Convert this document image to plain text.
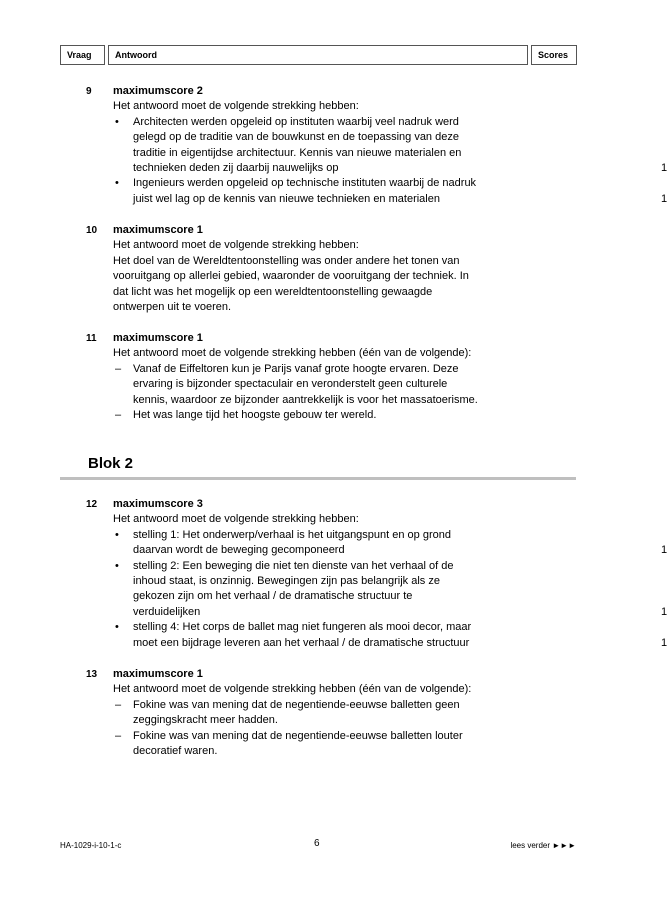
Vraag	Antwoord	Scores
9 maximumscore 2
Het antwoord moet de volgende strekking hebben:
• Architecten werden opgeleid op instituten waarbij veel nadruk werd
gelegd op de traditie van de bouwkunst en de toepassing van deze
traditie in eigentijdse architectuur. Kennis van nieuwe materialen en
technieken deden zij daarbij nauwelijks op	1
• Ingenieurs werden opgeleid op technische instituten waarbij de nadruk
juist wel lag op de kennis van nieuwe technieken en materialen	1
10 maximumscore 1
Het antwoord moet de volgende strekking hebben:
Het doel van de Wereldtentoonstelling was onder andere het tonen van
vooruitgang op allerlei gebied, waaronder de vooruitgang der techniek. In
dat licht was het mogelijk op een wereldtentoonstelling gewaagde
ontwerpen uit te voeren.
11 maximumscore 1
Het antwoord moet de volgende strekking hebben (één van de volgende):
– Vanaf de Eiffeltoren kun je Parijs vanaf grote hoogte ervaren. Deze
ervaring is bijzonder spectaculair en veronderstelt geen culturele
kennis, waardoor ze bijzonder aantrekkelijk is voor het massatoerisme.
– Het was lange tijd het hoogste gebouw ter wereld.
Blok 2
12 maximumscore 3
Het antwoord moet de volgende strekking hebben:
• stelling 1: Het onderwerp/verhaal is het uitgangspunt en op grond
daarvan wordt de beweging gecomponeerd	1
• stelling 2: Een beweging die niet ten dienste van het verhaal of de
inhoud staat, is onzinnig. Bewegingen zijn pas belangrijk als ze
gekozen zijn om het verhaal / de dramatische structuur te
verduidelijken	1
• stelling 4: Het corps de ballet mag niet fungeren als mooi decor, maar
moet een bijdrage leveren aan het verhaal / de dramatische structuur	1
13 maximumscore 1
Het antwoord moet de volgende strekking hebben (één van de volgende):
– Fokine was van mening dat de negentiende-eeuwse balletten geen
zeggingskracht meer hadden.
– Fokine was van mening dat de negentiende-eeuwse balletten louter
decoratief waren.
HA-1029-i-10-1-c	6	lees verder ►►►
